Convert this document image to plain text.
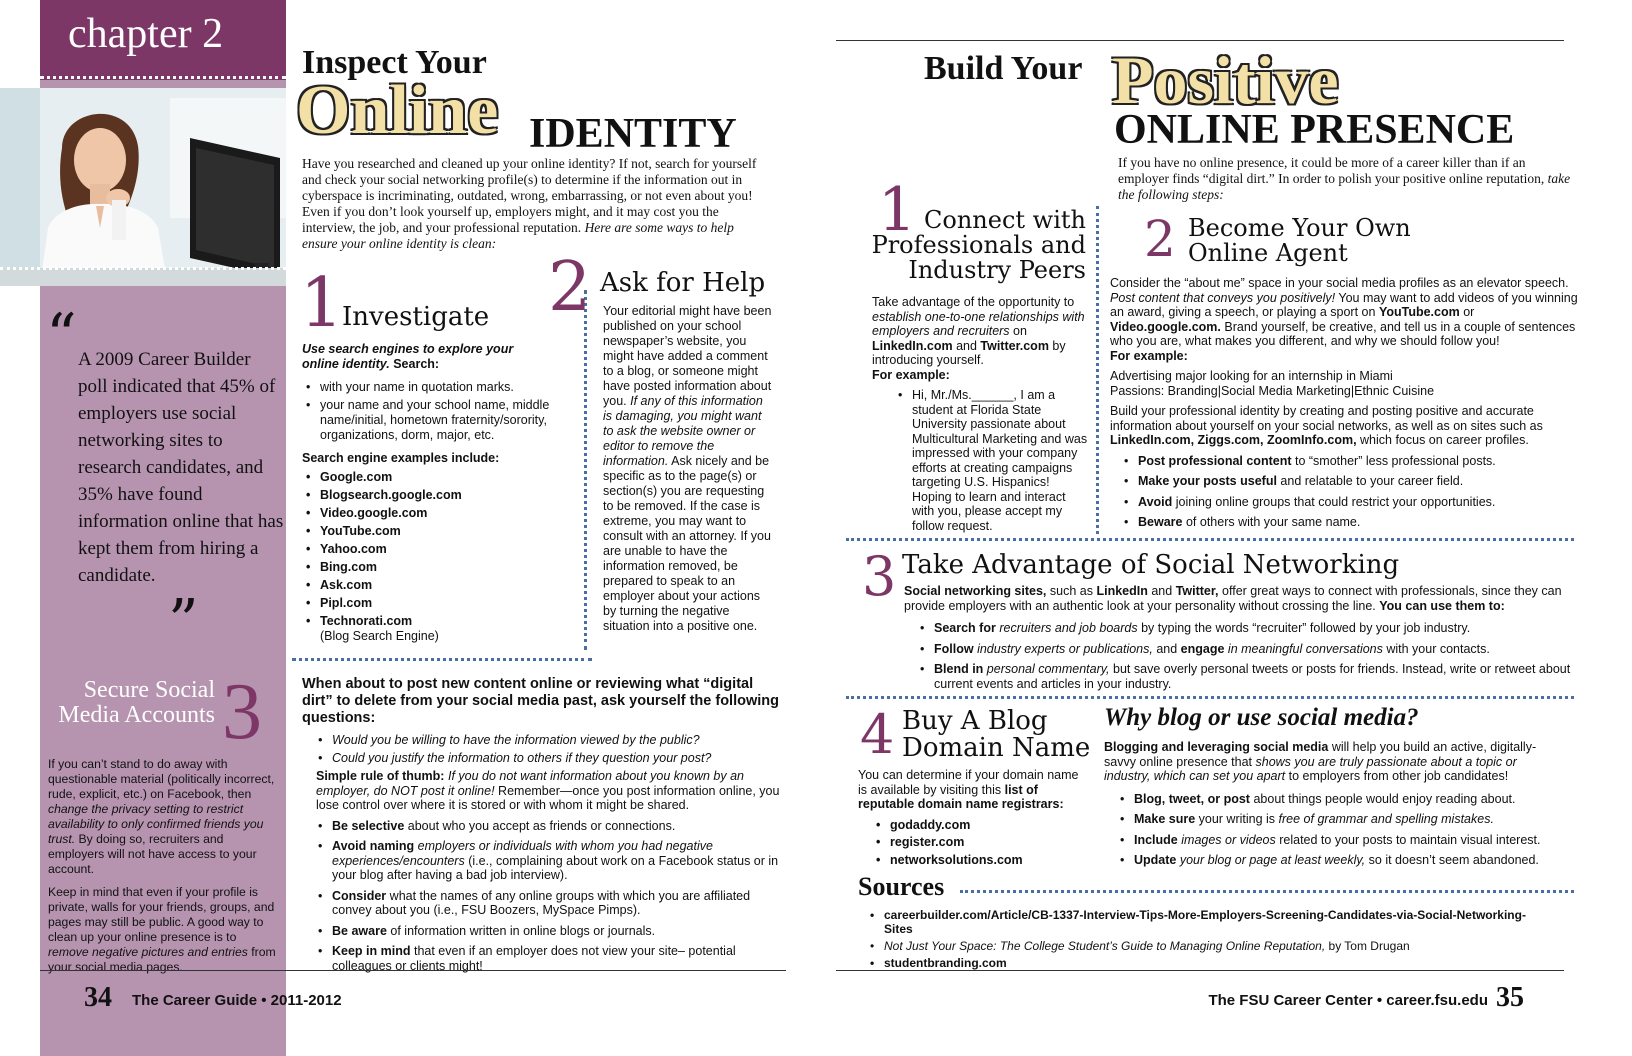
chapter 2
“ A 2009 Career Builder poll indicated that 45% of employers use social networking sites to research candidates, and 35% have found information online that has kept them from hiring a candidate.
”
Secure Social Media Accounts 3

If you can’t stand to do away with questionable material (politically incorrect, rude, explicit, etc.) on Facebook, then change the privacy setting to restrict availability to only confirmed friends you trust. By doing so, recruiters and employers will not have access to your account.

Keep in mind that even if your profile is private, walls for your friends, groups, and pages may still be public. A good way to clean up your online presence is to remove negative pictures and entries from your social media pages.

Inspect Your
Online IDENTITY
Have you researched and cleaned up your online identity? If not, search for yourself and check your social networking profile(s) to determine if the information out in cyberspace is incriminating, outdated, wrong, embarrassing, or not even about you! Even if you don’t look yourself up, employers might, and it may cost you the interview, the job, and your professional reputation. Here are some ways to help ensure your online identity is clean:
1
Investigate
Use search engines to explore your online identity. Search:
• with your name in quotation marks.
• your name and your school name, middle name/initial, hometown fraternity/sorority, organizations, dorm, major, etc.
Search engine examples include:
• Google.com
• Blogsearch.google.com
• Video.google.com
• YouTube.com
• Yahoo.com
• Bing.com
• Ask.com
• Pipl.com
• Technorati.com
(Blog Search Engine)
2 Ask for Help
Your editorial might have been published on your school newspaper’s website, you might have added a comment to a blog, or someone might have posted information about you. If any of this information is damaging, you might want to ask the website owner or editor to remove the information. Ask nicely and be specific as to the page(s) or section(s) you are requesting to be removed. If the case is extreme, you may want to consult with an attorney. If you are unable to have the information removed, be prepared to speak to an employer about your actions by turning the negative situation into a positive one.
When about to post new content online or reviewing what “digital dirt” to delete from your social media past, ask yourself the following questions:
• Would you be willing to have the information viewed by the public?
• Could you justify the information to others if they question your post?
Simple rule of thumb: If you do not want information about you known by an employer, do NOT post it online! Remember—once you post information online, you lose control over where it is stored or with whom it might be shared.
• Be selective about who you accept as friends or connections.
• Avoid naming employers or individuals with whom you had negative experiences/encounters (i.e., complaining about work on a Facebook status or in your blog after having a bad job interview).
• Consider what the names of any online groups with which you are affiliated convey about you (i.e., FSU Boozers, MySpace Pimps).
• Be aware of information written in online blogs or journals.
• Keep in mind that even if an employer does not view your site– potential colleagues or clients might!
34 The Career Guide • 2011-2012
Build Your Positive
ONLINE PRESENCE
If you have no online presence, it could be more of a career killer than if an employer finds “digital dirt.” In order to polish your positive online reputation, take the following steps:
1 Connect with Professionals and Industry Peers
Take advantage of the opportunity to establish one-to-one relationships with employers and recruiters on LinkedIn.com and Twitter.com by introducing yourself.
For example:
• Hi, Mr./Ms.______, I am a student at Florida State University passionate about Multicultural Marketing and was impressed with your company efforts at creating campaigns targeting U.S. Hispanics! Hoping to learn and interact with you, please accept my follow request.
2 Become Your Own Online Agent
Consider the “about me” space in your social media profiles as an elevator speech. Post content that conveys you positively! You may want to add videos of you winning an award, giving a speech, or playing a sport on YouTube.com or Video.google.com. Brand yourself, be creative, and tell us in a couple of sentences who you are, what makes you different, and why we should follow you!
For example:
Advertising major looking for an internship in Miami
Passions: Branding|Social Media Marketing|Ethnic Cuisine
Build your professional identity by creating and posting positive and accurate information about yourself on your social networks, as well as on sites such as LinkedIn.com, Ziggs.com, ZoomInfo.com, which focus on career profiles.
• Post professional content to “smother” less professional posts.
• Make your posts useful and relatable to your career field.
• Avoid joining online groups that could restrict your opportunities.
• Beware of others with your same name.
3 Take Advantage of Social Networking
Social networking sites, such as LinkedIn and Twitter, offer great ways to connect with professionals, since they can provide employers with an authentic look at your personality without crossing the line. You can use them to:
• Search for recruiters and job boards by typing the words “recruiter” followed by your job industry.
• Follow industry experts or publications, and engage in meaningful conversations with your contacts.
• Blend in personal commentary, but save overly personal tweets or posts for friends. Instead, write or retweet about current events and articles in your industry.
4 Buy A Blog Domain Name
You can determine if your domain name is available by visiting this list of reputable domain name registrars:
• godaddy.com
• register.com
• networksolutions.com
Why blog or use social media?
Blogging and leveraging social media will help you build an active, digitally-savvy online presence that shows you are truly passionate about a topic or industry, which can set you apart to employers from other job candidates!
• Blog, tweet, or post about things people would enjoy reading about.
• Make sure your writing is free of grammar and spelling mistakes.
• Include images or videos related to your posts to maintain visual interest.
• Update your blog or page at least weekly, so it doesn’t seem abandoned.
Sources
• careerbuilder.com/Article/CB-1337-Interview-Tips-More-Employers-Screening-Candidates-via-Social-Networking-Sites
• Not Just Your Space: The College Student’s Guide to Managing Online Reputation, by Tom Drugan
• studentbranding.com
The FSU Career Center • career.fsu.edu 35
